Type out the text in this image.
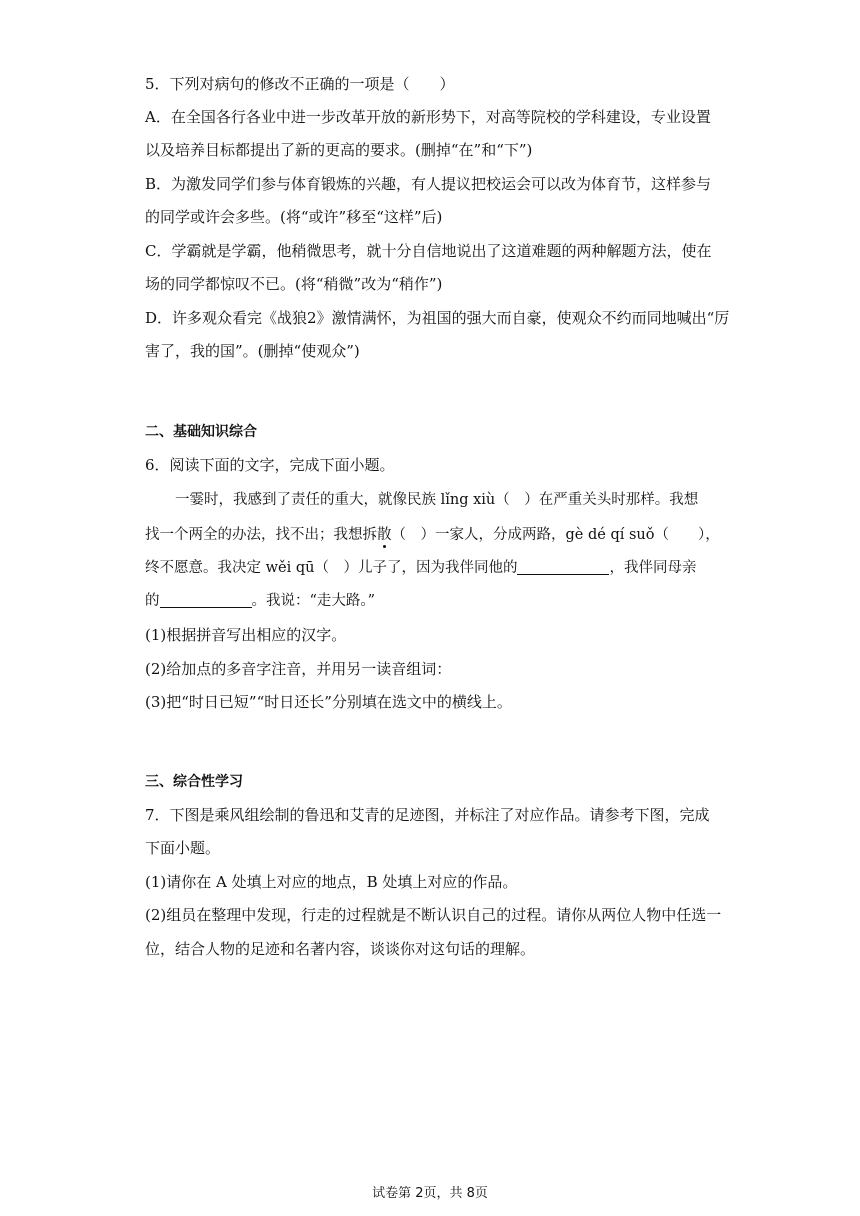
5．下列对病句的修改不正确的一项是（　　）
A．在全国各行各业中进一步改革开放的新形势下，对高等院校的学科建设，专业设置
以及培养目标都提出了新的更高的要求。(删掉“在”和“下”)
B．为激发同学们参与体育锻炼的兴趣，有人提议把校运会可以改为体育节，这样参与
的同学或许会多些。(将“或许”移至“这样”后)
C．学霸就是学霸，他稍微思考，就十分自信地说出了这道难题的两种解题方法，使在
场的同学都惊叹不已。(将“稍微”改为“稍作”)
D．许多观众看完《战狼2》激情满怀，为祖国的强大而自豪，使观众不约而同地喊出“厉
害了，我的国”。(删掉“使观众”)
二、基础知识综合
6．阅读下面的文字，完成下面小题。
一霎时，我感到了责任的重大，就像民族 lǐng xiù（　）在严重关头时那样。我想
找一个两全的办法，找不出；我想拆散（　）一家人，分成两路，gè dé qí suǒ（　　），
终不愿意。我决定 wěi qū（　）儿子了，因为我伴同他的	，我伴同母亲
的	。我说：“走大路。”
(1)根据拼音写出相应的汉字。
(2)给加点的多音字注音，并用另一读音组词：
(3)把“时日已短”“时日还长”分别填在选文中的横线上。
三、综合性学习
7．下图是乘风组绘制的鲁迅和艾青的足迹图，并标注了对应作品。请参考下图，完成
下面小题。
(1)请你在 A 处填上对应的地点，B 处填上对应的作品。
(2)组员在整理中发现，行走的过程就是不断认识自己的过程。请你从两位人物中任选一
位，结合人物的足迹和名著内容，谈谈你对这句话的理解。
试卷第 2页，共 8页
